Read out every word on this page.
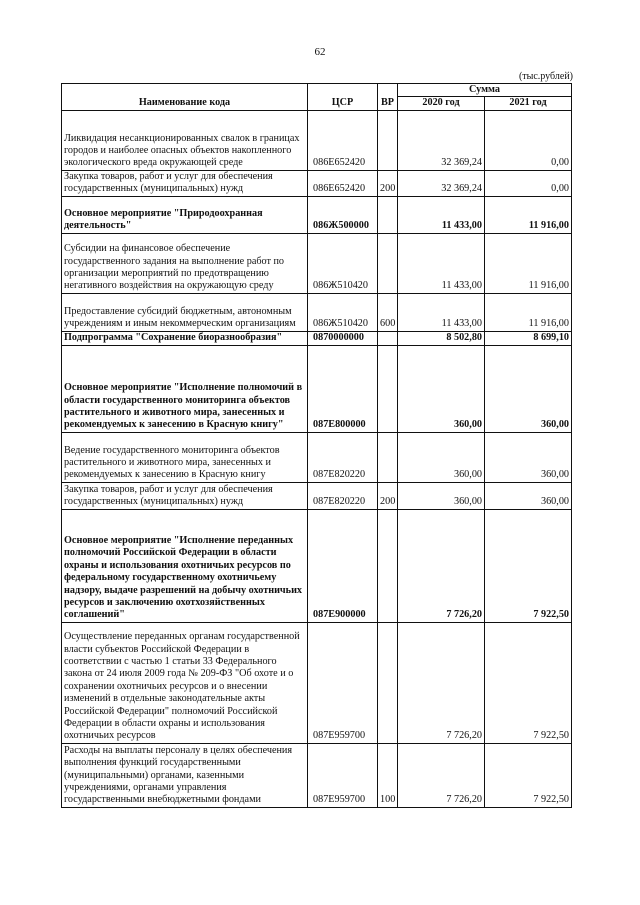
62
(тыс.рублей)
Наименование кода	ЦСР	ВР	Сумма	
			2020 год	2021 год
Ликвидация несанкционированных свалок в границах городов и наиболее опасных объектов накопленного экологического вреда окружающей среде	086Е652420		32 369,24	0,00
Закупка товаров, работ и услуг для обеспечения государственных (муниципальных) нужд	086Е652420	200	32 369,24	0,00
Основное мероприятие "Природоохранная деятельность"	086Ж500000		11 433,00	11 916,00
Субсидии на финансовое обеспечение государственного задания на выполнение работ по организации мероприятий по предотвращению негативного воздействия на окружающую среду	086Ж510420		11 433,00	11 916,00
Предоставление субсидий бюджетным, автономным учреждениям и иным некоммерческим организациям	086Ж510420	600	11 433,00	11 916,00
Подпрограмма "Сохранение биоразнообразия"	0870000000		8 502,80	8 699,10
Основное мероприятие "Исполнение полномочий в области государственного мониторинга объектов растительного и животного мира, занесенных и рекомендуемых к занесению в Красную книгу"	087Е800000		360,00	360,00
Ведение государственного мониторинга объектов растительного и животного мира, занесенных и рекомендуемых к занесению в Красную книгу	087Е820220		360,00	360,00
Закупка товаров, работ и услуг для обеспечения государственных (муниципальных) нужд	087Е820220	200	360,00	360,00
Основное мероприятие "Исполнение переданных полномочий Российской Федерации в области охраны и использования охотничьих ресурсов по федеральному государственному охотничьему надзору, выдаче разрешений на добычу охотничьих ресурсов и заключению охотхозяйственных соглашений"	087Е900000		7 726,20	7 922,50
Осуществление переданных органам государственной власти субъектов Российской Федерации в соответствии с частью 1 статьи 33 Федерального закона от 24 июля 2009 года № 209-ФЗ "Об охоте и о сохранении охотничьих ресурсов и о внесении изменений в отдельные законодательные акты Российской Федерации" полномочий Российской Федерации в области охраны и использования охотничьих ресурсов	087Е959700		7 726,20	7 922,50
Расходы на выплаты персоналу в целях обеспечения выполнения функций государственными (муниципальными) органами, казенными учреждениями, органами управления государственными внебюджетными фондами	087Е959700	100	7 726,20	7 922,50
